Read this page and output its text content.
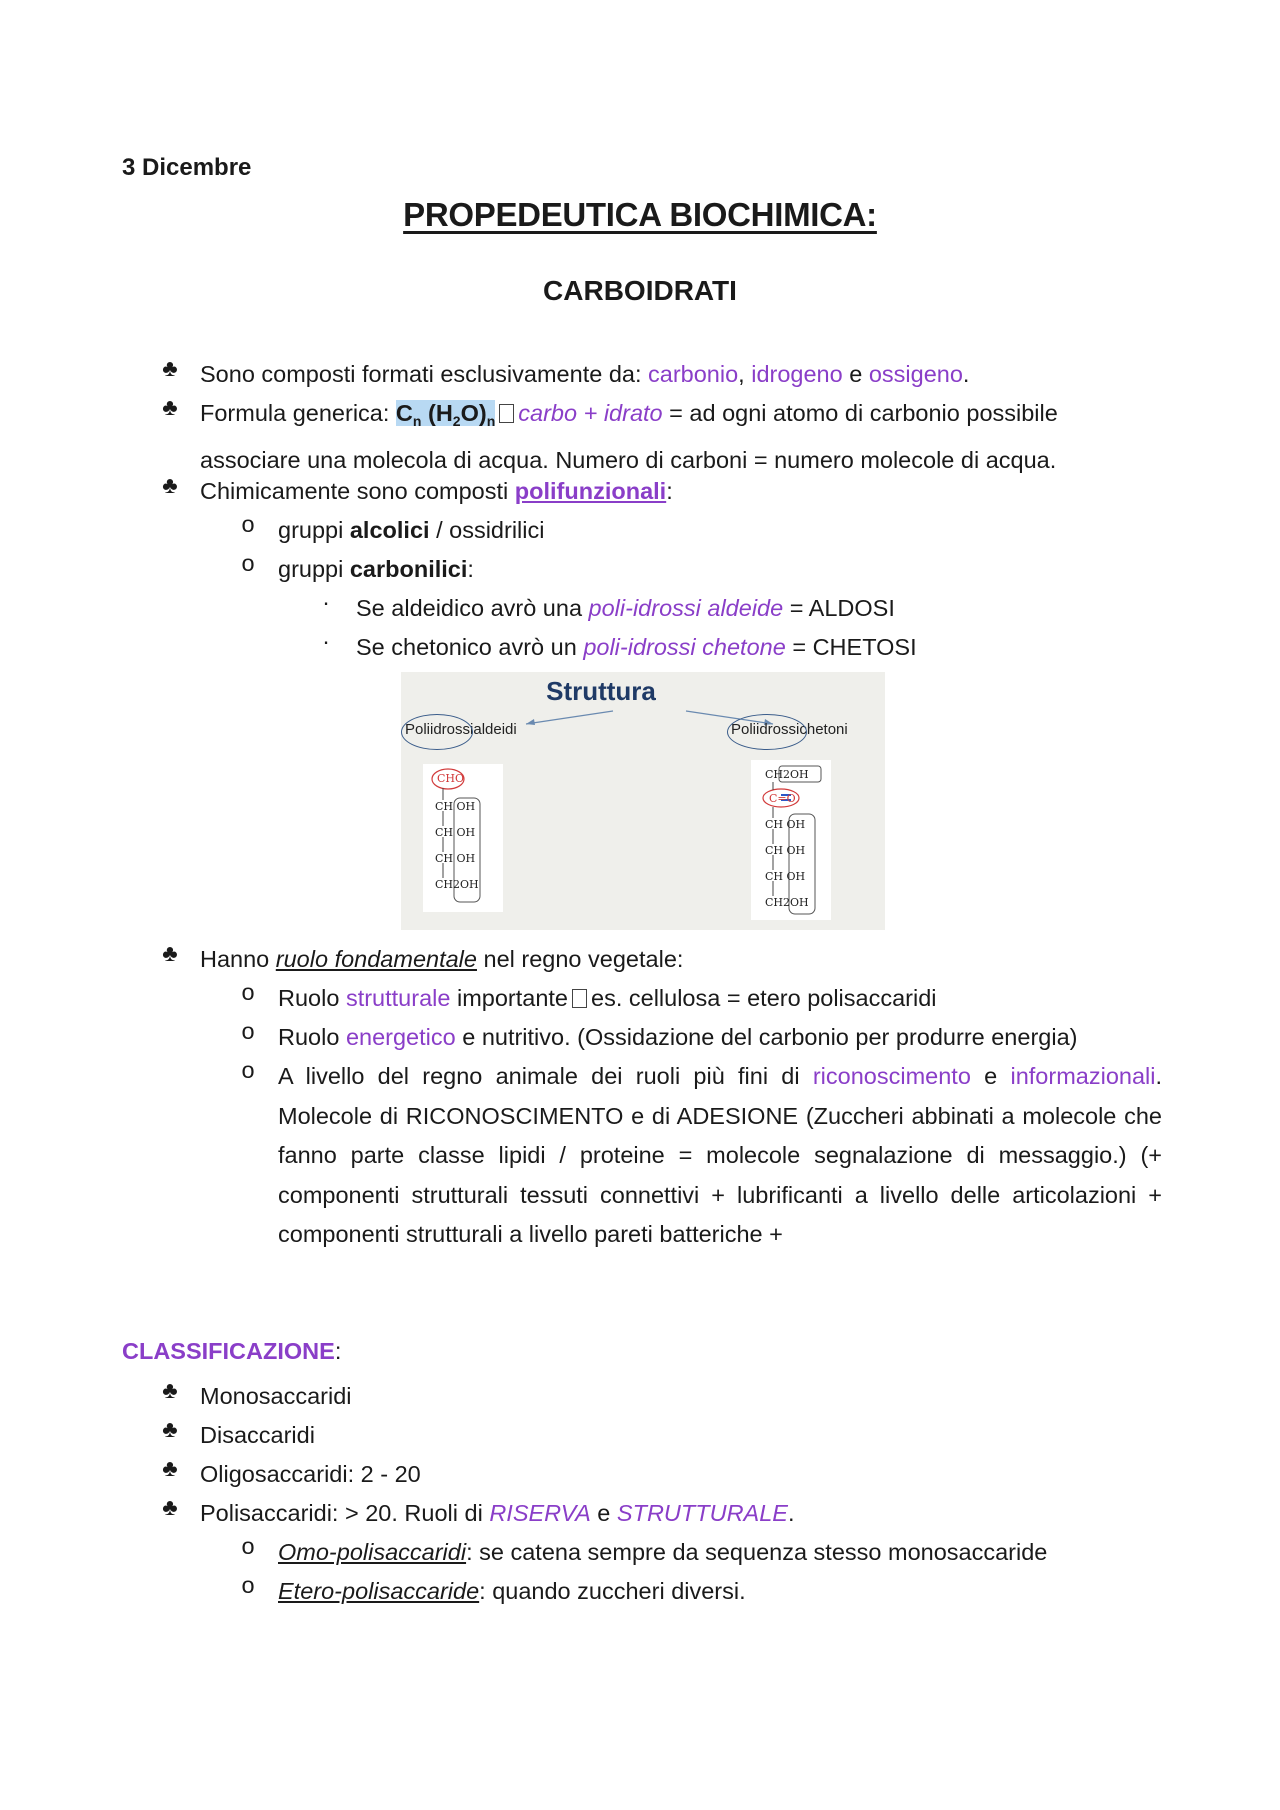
3 Dicembre
PROPEDEUTICA BIOCHIMICA:
CARBOIDRATI
♣ Sono composti formati esclusivamente da: carbonio, idrogeno e ossigeno.
♣ Formula generica: $C_n$ $(H_2O)_n$ carbo + idrato = ad ogni atomo di carbonio possibile associare una molecola di acqua. Numero di carboni = numero molecole di acqua.
♣ Chimicamente sono composti polifunzionali:
o gruppi alcolici / ossidrilici
o gruppi carbonilici:
· Se aldeidico avrò una poli-idrossi aldeide = ALDOSI
· Se chetonico avrò un poli-idrossi chetone = CHETOSI
Struttura
Poliidrossialdeidi	Poliidrossichetoni
CHO
CH OH
CH OH
CH OH
CH2OH
CH2OH
C=O
CH OH
CH OH
CH OH
CH2OH
♣ Hanno ruolo fondamentale nel regno vegetale:
o Ruolo strutturale importante es. cellulosa = etero polisaccaridi
o Ruolo energetico e nutritivo. (Ossidazione del carbonio per produrre energia)
o A livello del regno animale dei ruoli più fini di riconoscimento e informazionali. Molecole di RICONOSCIMENTO e di ADESIONE (Zuccheri abbinati a molecole che fanno parte classe lipidi / proteine = molecole segnalazione di messaggio.) (+ componenti strutturali tessuti connettivi + lubrificanti a livello delle articolazioni + componenti strutturali a livello pareti batteriche +
CLASSIFICAZIONE:
♣ Monosaccaridi
♣ Disaccaridi
♣ Oligosaccaridi: 2 - 20
♣ Polisaccaridi: > 20. Ruoli di RISERVA e STRUTTURALE.
o Omo-polisaccaridi: se catena sempre da sequenza stesso monosaccaride
o Etero-polisaccaride: quando zuccheri diversi.
